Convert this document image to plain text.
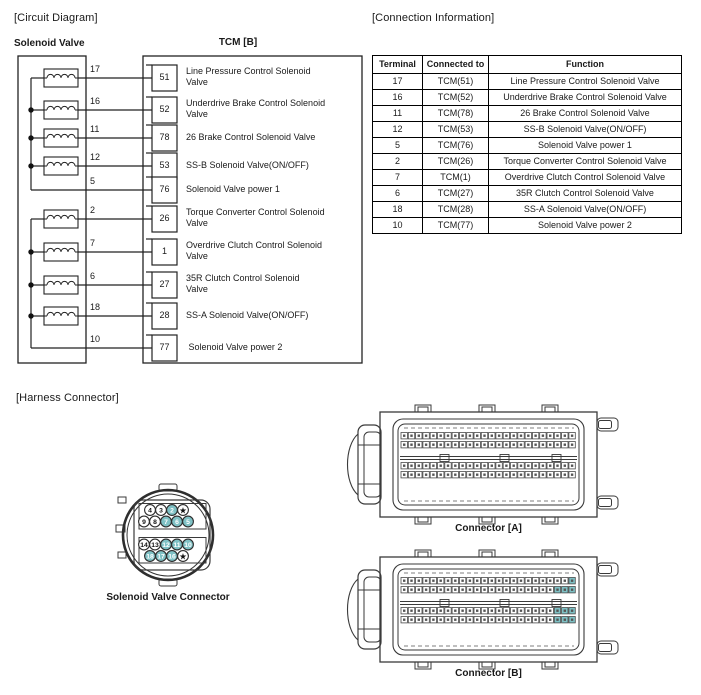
4 3 2 ★
9 8 7 6 5
14 13 12 11 10
18 17 16 ★
[Circuit Diagram]
Solenoid Valve	TCM [B]
[Connection Information]
Terminal	Connected to	Function
17	TCM(51)	Line Pressure Control Solenoid Valve
16	TCM(52)	Underdrive Brake Control Solenoid Valve
11	TCM(78)	26 Brake Control Solenoid Valve
12	TCM(53)	SS-B Solenoid Valve(ON/OFF)
5	TCM(76)	Solenoid Valve power 1
2	TCM(26)	Torque Converter Control Solenoid Valve
7	TCM(1)	Overdrive Clutch Control Solenoid Valve
6	TCM(27)	35R Clutch Control Solenoid Valve
18	TCM(28)	SS-A Solenoid Valve(ON/OFF)
10	TCM(77)	Solenoid Valve power 2
[Harness Connector]
Solenoid Valve Connector
Connector [A]
Connector [B]
17
51
Line Pressure Control Solenoid
Valve
16
52
Underdrive Brake Control Solenoid
Valve
11
78	26 Brake Control Solenoid Valve
12
53	SS-B Solenoid Valve(ON/OFF)
5
76	Solenoid Valve power 1
2
26
Torque Converter Control Solenoid
Valve
7
1
Overdrive Clutch Control Solenoid
Valve
6
27
35R Clutch Control Solenoid
Valve
18
28	SS-A Solenoid Valve(ON/OFF)
10
77	Solenoid Valve power 2
